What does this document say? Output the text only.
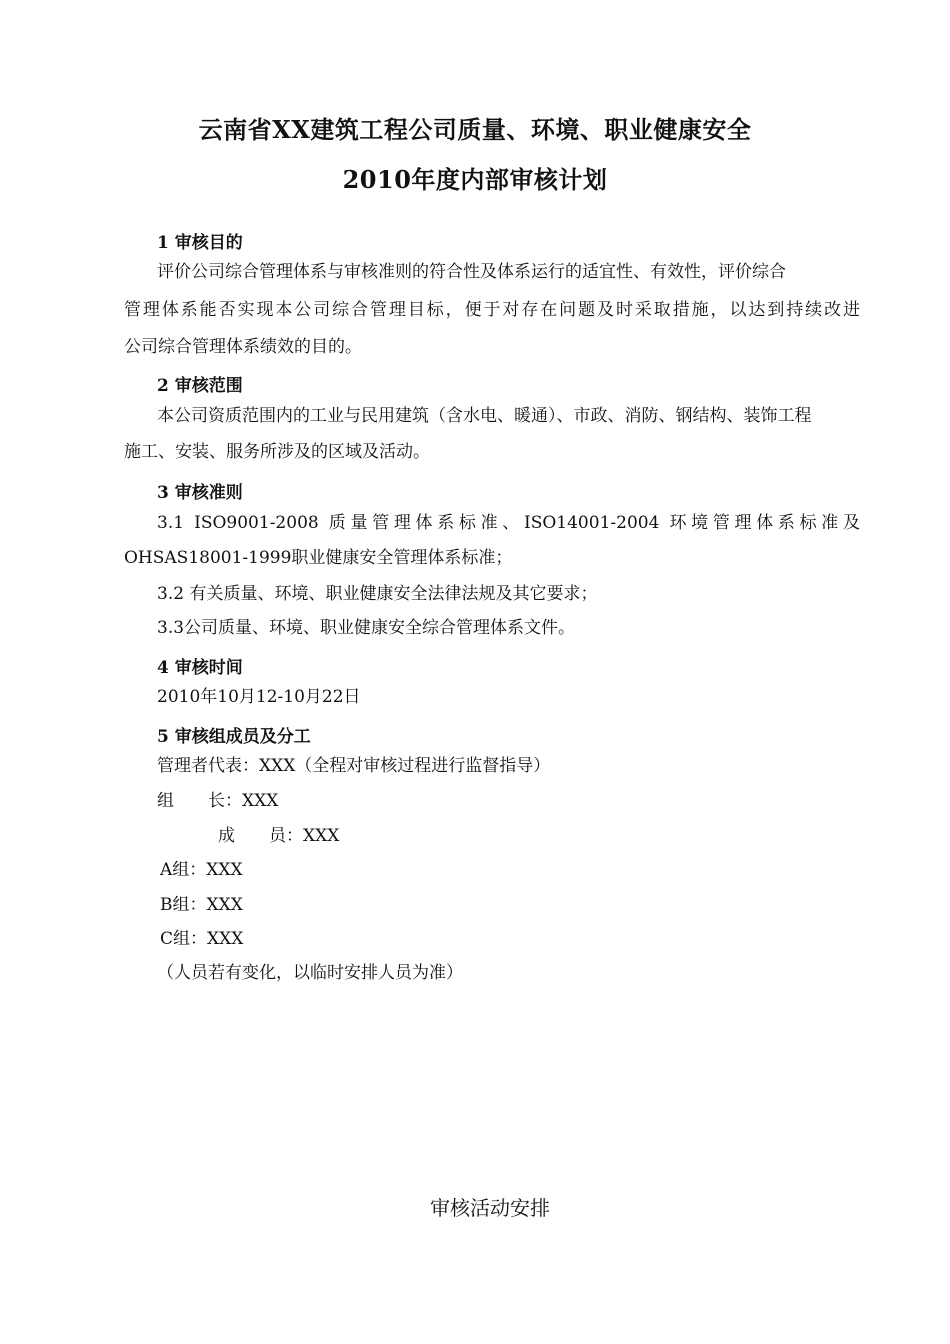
云南省XX建筑工程公司质量、环境、职业健康安全
2010年度内部审核计划
1 审核目的
评价公司综合管理体系与审核准则的符合性及体系运行的适宜性、有效性，评价综合
管理体系能否实现本公司综合管理目标，便于对存在问题及时采取措施，以达到持续改进
公司综合管理体系绩效的目的。
2 审核范围
本公司资质范围内的工业与民用建筑（含水电、暖通）、市政、消防、钢结构、装饰工程
施工、安装、服务所涉及的区域及活动。
3 审核准则
3.1 ISO9001-2008 质量管理体系标准、ISO14001-2004 环境管理体系标准及
OHSAS18001-1999职业健康安全管理体系标准；
3.2 有关质量、环境、职业健康安全法律法规及其它要求；
3.3公司质量、环境、职业健康安全综合管理体系文件。
4 审核时间
2010年10月12-10月22日
5 审核组成员及分工
管理者代表：XXX（全程对审核过程进行监督指导）
组　　长：XXX
成　　员：XXX
A组：XXX
B组：XXX
C组：XXX
（人员若有变化，以临时安排人员为准）
审核活动安排
